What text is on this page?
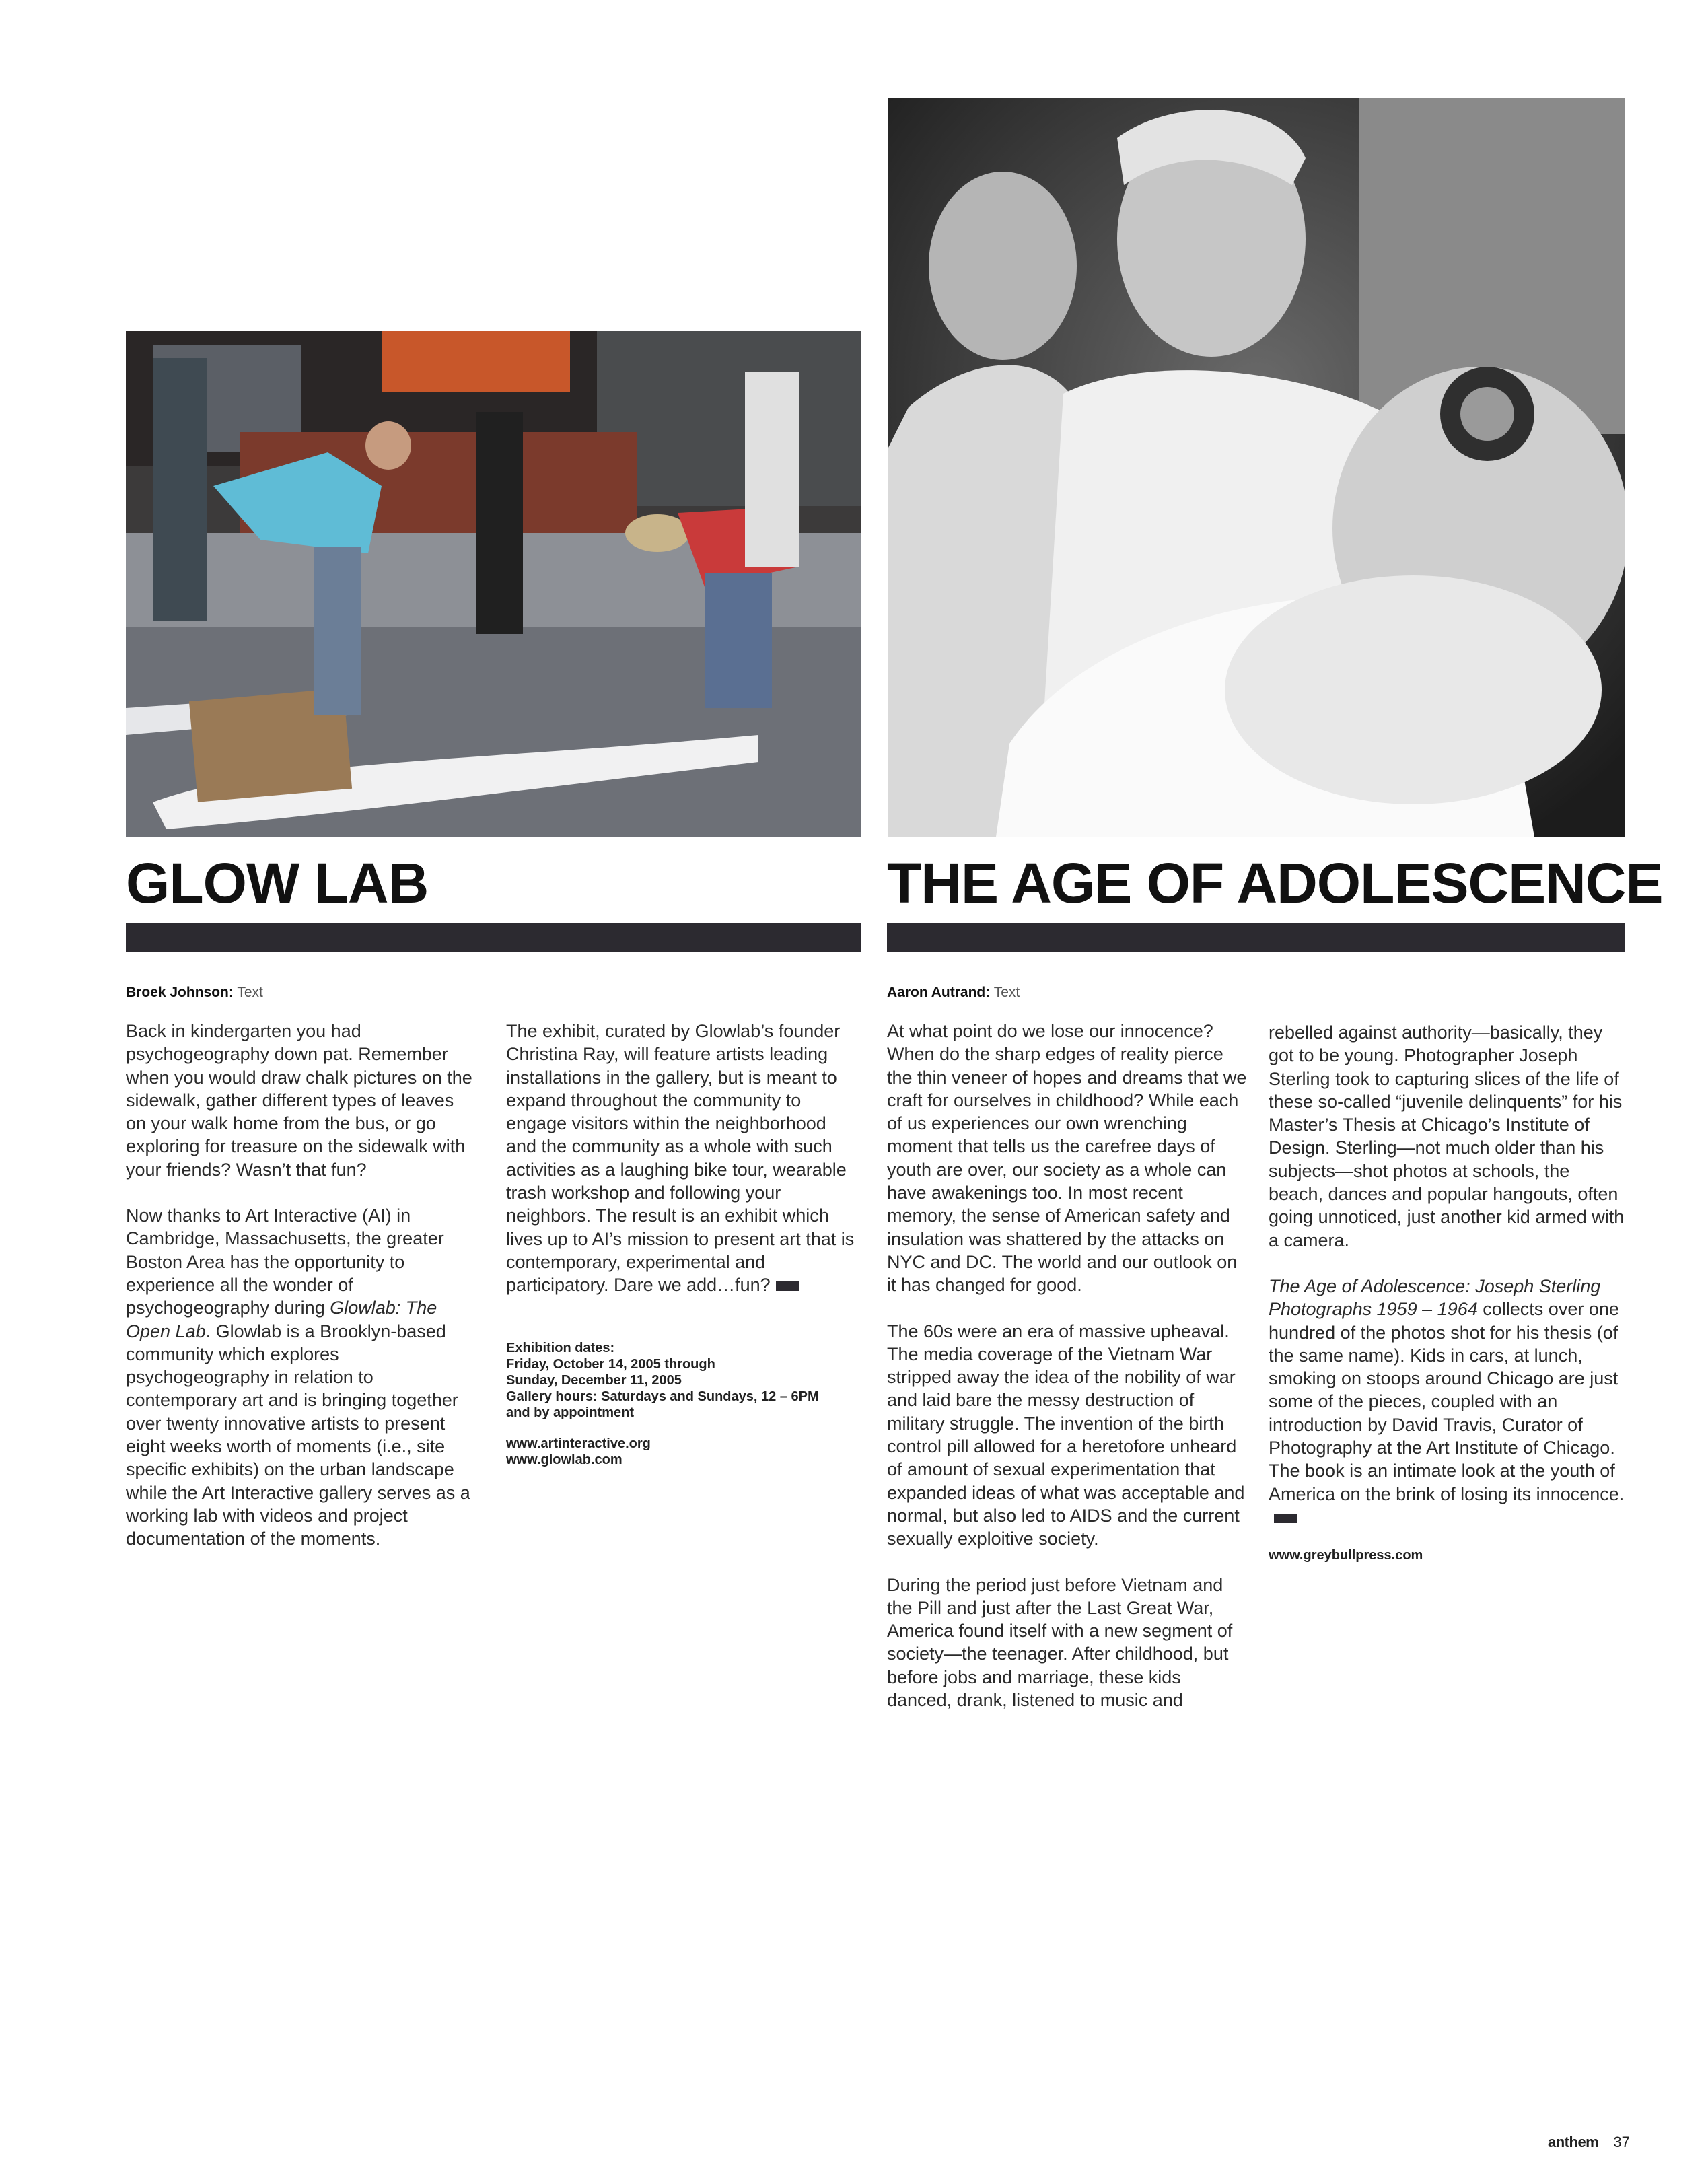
GLOW LAB	THE AGE OF ADOLESCENCE
Broek Johnson: Text	Aaron Autrand: Text

Back in kindergarten you had psychogeography down pat. Remember when you would draw chalk pictures on the sidewalk, gather different types of leaves on your walk home from the bus, or go exploring for treasure on the sidewalk with your friends? Wasn’t that fun?

Now thanks to Art Interactive (AI) in Cambridge, Massachusetts, the greater Boston Area has the opportunity to experience all the wonder of psychogeography during Glowlab: The Open Lab. Glowlab is a Brooklyn-based community which explores psychogeography in relation to contemporary art and is bringing together over twenty innovative artists to present eight weeks worth of moments (i.e., site specific exhibits) on the urban landscape while the Art Interactive gallery serves as a working lab with videos and project documentation of the moments.

The exhibit, curated by Glowlab’s founder Christina Ray, will feature artists leading installations in the gallery, but is meant to expand throughout the community to engage visitors within the neighborhood and the community as a whole with such activities as a laughing bike tour, wearable trash workshop and following your neighbors. The result is an exhibit which lives up to AI’s mission to present art that is contemporary, experimental and participatory. Dare we add…fun?

Exhibition dates:
Friday, October 14, 2005 through
Sunday, December 11, 2005
Gallery hours: Saturdays and Sundays, 12 – 6PM
and by appointment
www.artinteractive.org
www.glowlab.com

At what point do we lose our innocence? When do the sharp edges of reality pierce the thin veneer of hopes and dreams that we craft for ourselves in childhood? While each of us experiences our own wrenching moment that tells us the carefree days of youth are over, our society as a whole can have awakenings too. In most recent memory, the sense of American safety and insulation was shattered by the attacks on NYC and DC. The world and our outlook on it has changed for good.

The 60s were an era of massive upheaval. The media coverage of the Vietnam War stripped away the idea of the nobility of war and laid bare the messy destruction of military struggle. The invention of the birth control pill allowed for a heretofore unheard of amount of sexual experimentation that expanded ideas of what was acceptable and normal, but also led to AIDS and the current sexually exploitive society.

During the period just before Vietnam and the Pill and just after the Last Great War, America found itself with a new segment of society—the teenager. After childhood, but before jobs and marriage, these kids danced, drank, listened to music and

rebelled against authority—basically, they got to be young. Photographer Joseph Sterling took to capturing slices of the life of these so-called “juvenile delinquents” for his Master’s Thesis at Chicago’s Institute of Design. Sterling—not much older than his subjects—shot photos at schools, the beach, dances and popular hangouts, often going unnoticed, just another kid armed with a camera.

The Age of Adolescence: Joseph Sterling Photographs 1959 – 1964 collects over one hundred of the photos shot for his thesis (of the same name). Kids in cars, at lunch, smoking on stoops around Chicago are just some of the pieces, coupled with an introduction by David Travis, Curator of Photography at the Art Institute of Chicago. The book is an intimate look at the youth of America on the brink of losing its innocence.

www.greybullpress.com
anthem 37
